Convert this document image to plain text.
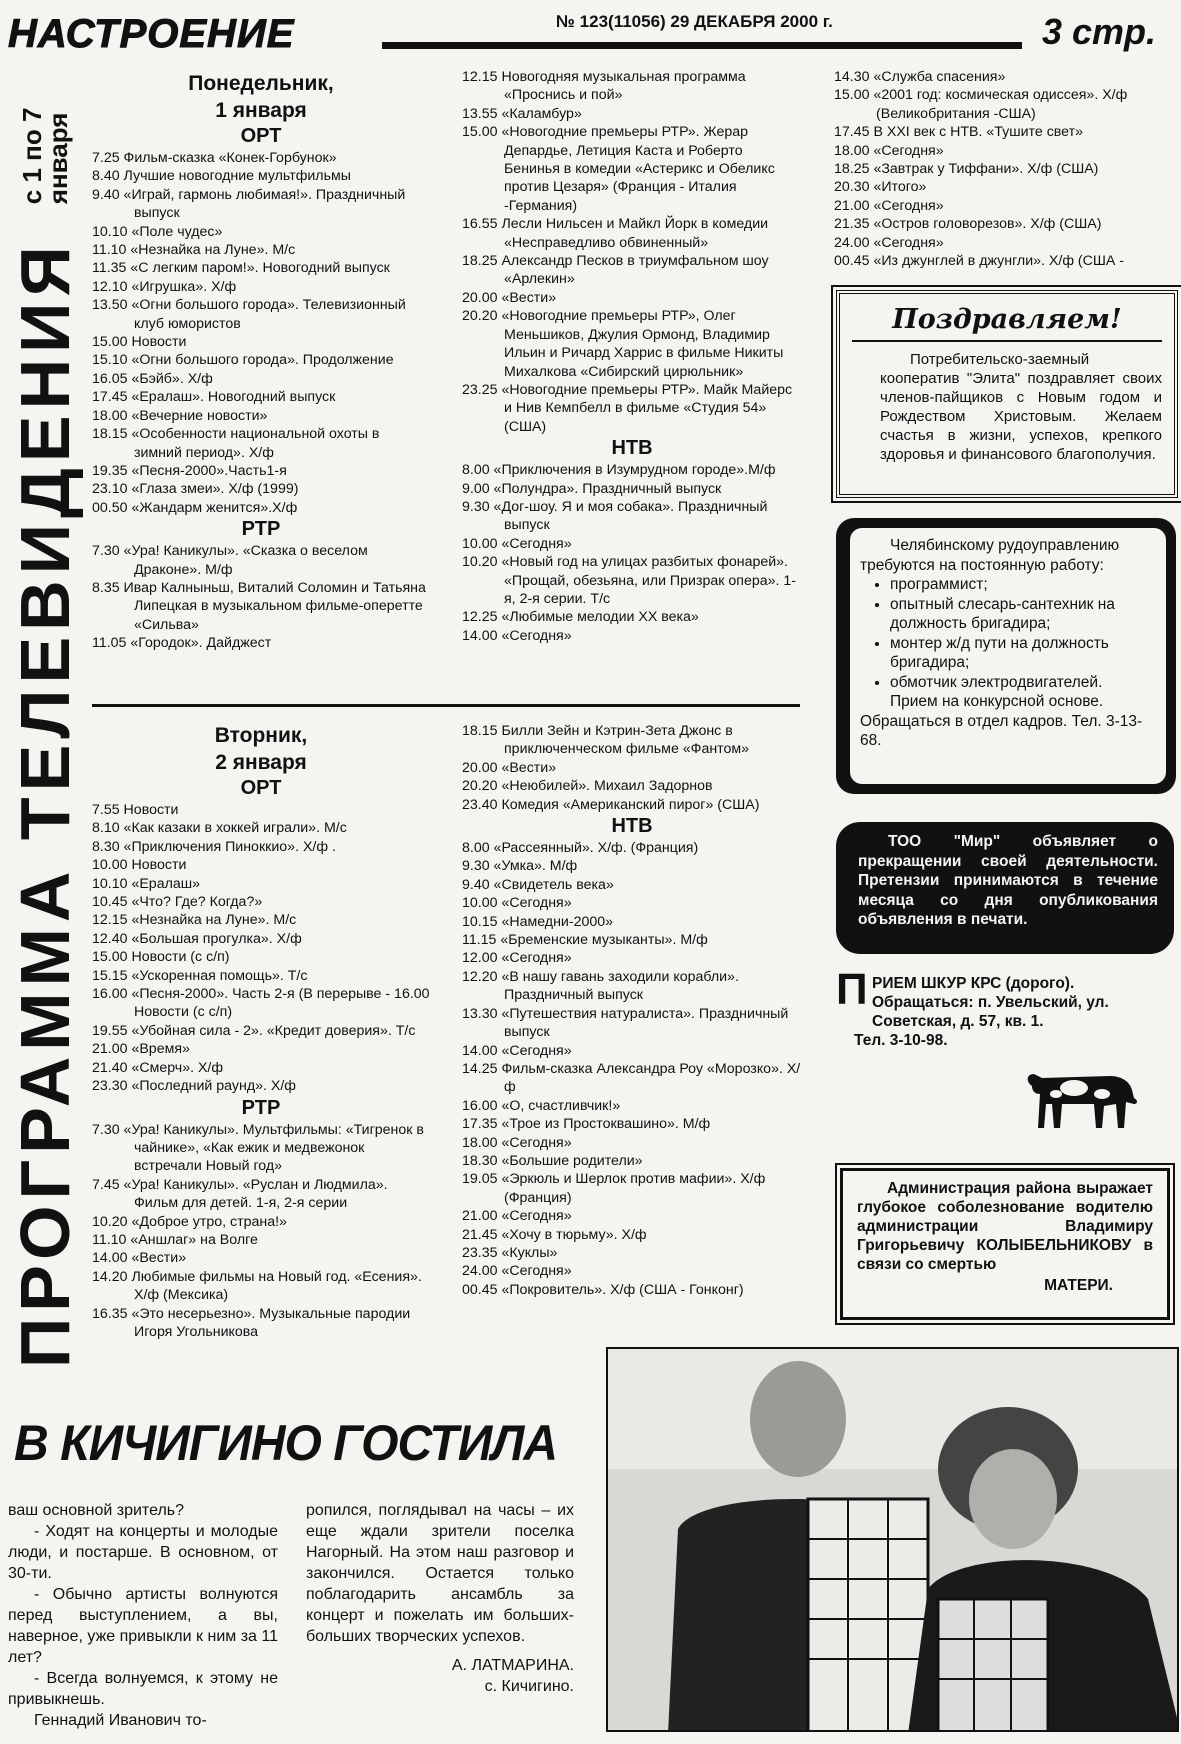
НАСТРОЕНИЕ	№ 123(11056) 29 ДЕКАБРЯ 2000 г.	3 стр.
ПРОГРАММА ТЕЛЕВИДЕНИЯ
с 1 по 7
января
Понедельник,
1 января
ОРТ
7.25 Фильм-сказка «Конек-Горбунок»
8.40 Лучшие новогодние мультфильмы
9.40 «Играй, гармонь любимая!». Праздничный выпуск
10.10 «Поле чудес»
11.10 «Незнайка на Луне». М/с
11.35 «С легким паром!». Новогодний выпуск
12.10 «Игрушка». Х/ф
13.50 «Огни большого города». Телевизионный клуб юмористов
15.00 Новости
15.10 «Огни большого города». Продолжение
16.05 «Бэйб». Х/ф
17.45 «Ералаш». Новогодний выпуск
18.00 «Вечерние новости»
18.15 «Особенности национальной охоты в зимний период». Х/ф
19.35 «Песня-2000».Часть1-я
23.10 «Глаза змеи». Х/ф (1999)
00.50 «Жандарм женится».Х/ф
РТР
7.30 «Ура! Каникулы». «Сказка о веселом Драконе». М/ф
8.35 Ивар Калныньш, Виталий Соломин и Татьяна Липецкая в музыкальном фильме-оперетте «Сильва»
11.05 «Городок». Дайджест
12.15 Новогодняя музыкальная программа «Проснись и пой»
13.55 «Каламбур»
15.00 «Новогодние премьеры РТР». Жерар Депардье, Летиция Каста и Роберто Бенинья в комедии «Астерикс и Обеликс против Цезаря» (Франция - Италия -Германия)
16.55 Лесли Нильсен и Майкл Йорк в комедии «Несправедливо обвиненный»
18.25 Александр Песков в триумфальном шоу «Арлекин»
20.00 «Вести»
20.20 «Новогодние премьеры РТР», Олег Меньшиков, Джулия Ормонд, Владимир Ильин и Ричард Харрис в фильме Никиты Михалкова «Сибирский цирюльник»
23.25 «Новогодние премьеры РТР». Майк Майерс и Нив Кемпбелл в фильме «Студия 54» (США)
НТВ
8.00 «Приключения в Изумрудном городе».М/ф
9.00 «Полундра». Праздничный выпуск
9.30 «Дог-шоу. Я и моя собака». Праздничный выпуск
10.00 «Сегодня»
10.20 «Новый год на улицах разбитых фонарей». «Прощай, обезьяна, или Призрак опера». 1-я, 2-я серии. Т/с
12.25 «Любимые мелодии XX века»
14.00 «Сегодня»
14.30 «Служба спасения»
15.00 «2001 год: космическая одиссея». Х/ф (Великобритания -США)
17.45 В XXI век с НТВ. «Тушите свет»
18.00 «Сегодня»
18.25 «Завтрак у Тиффани». Х/ф (США)
20.30 «Итого»
21.00 «Сегодня»
21.35 «Остров головорезов». Х/ф (США)
24.00 «Сегодня»
00.45 «Из джунглей в джунгли». Х/ф (США -
Вторник,
2 января
ОРТ
7.55 Новости
8.10 «Как казаки в хоккей играли». М/с
8.30 «Приключения Пиноккио». Х/ф .
10.00 Новости
10.10 «Ералаш»
10.45 «Что? Где? Когда?»
12.15 «Незнайка на Луне». М/с
12.40 «Большая прогулка». Х/ф
15.00 Новости (с с/п)
15.15 «Ускоренная помощь». Т/с
16.00 «Песня-2000». Часть 2-я (В перерыве - 16.00 Новости (с с/п)
19.55 «Убойная сила - 2». «Кредит доверия». Т/с
21.00 «Время»
21.40 «Смерч». Х/ф
23.30 «Последний раунд». Х/ф
РТР
7.30 «Ура! Каникулы». Мультфильмы: «Тигренок в чайнике», «Как ежик и медвежонок встречали Новый год»
7.45 «Ура! Каникулы». «Руслан и Людмила». Фильм для детей. 1-я, 2-я серии
10.20 «Доброе утро, страна!»
11.10 «Аншлаг» на Волге
14.00 «Вести»
14.20 Любимые фильмы на Новый год. «Есения». Х/ф (Мексика)
16.35 «Это несерьезно». Музыкальные пародии Игоря Угольникова
18.15 Билли Зейн и Кэтрин-Зета Джонс в приключенческом фильме «Фантом»
20.00 «Вести»
20.20 «Неюбилей». Михаил Задорнов
23.40 Комедия «Американский пирог» (США)
НТВ
8.00 «Рассеянный». Х/ф. (Франция)
9.30 «Умка». М/ф
9.40 «Свидетель века»
10.00 «Сегодня»
10.15 «Намедни-2000»
11.15 «Бременские музыканты». М/ф
12.00 «Сегодня»
12.20 «В нашу гавань заходили корабли». Праздничный выпуск
13.30 «Путешествия натуралиста». Праздничный выпуск
14.00 «Сегодня»
14.25 Фильм-сказка Александра Роу «Морозко». Х/ф
16.00 «О, счастливчик!»
17.35 «Трое из Простоквашино». М/ф
18.00 «Сегодня»
18.30 «Большие родители»
19.05 «Эркюль и Шерлок против мафии». Х/ф (Франция)
21.00 «Сегодня»
21.45 «Хочу в тюрьму». Х/ф
23.35 «Куклы»
24.00 «Сегодня»
00.45 «Покровитель». Х/ф (США - Гонконг)
Поздравляем!
Потребительско-заемный кооператив "Элита" поздравляет своих членов-пайщиков с Новым годом и Рождеством Христовым. Желаем счастья в жизни, успехов, крепкого здоровья и финансового благополучия.

Челябинскому рудоуправлению требуются на постоянную работу:

• программист;
• опытный слесарь-сантехник на должность бригадира;
• монтер ж/д пути на должность бригадира;
• обмотчик электродвигателей.

Прием на конкурсной основе. Обращаться в отдел кадров. Тел. 3-13-68.

ТОО "Мир" объявляет о прекращении своей деятельности. Претензии принимаются в течение месяца со дня опубликования объявления в печати.
П РИЕМ ШКУР КРС (дорого). Обращаться: п. Увельский, ул. Советская, д. 57, кв. 1.
Тел. 3-10-98.
Администрация района выражает глубокое соболезнование водителю администрации Владимиру Григорьевичу КОЛЫБЕЛЬНИКОВУ в связи со смертью
МАТЕРИ.
В КИЧИГИНО ГОСТИЛА

ваш основной зритель?

- Ходят на концерты и молодые люди, и постарше. В основном, от 30-ти.

- Обычно артисты волнуются перед выступлением, а вы, наверное, уже привыкли к ним за 11 лет?

- Всегда волнуемся, к этому не привыкнешь.

Геннадий Иванович то-

ропился, поглядывал на часы – их еще ждали зрители поселка Нагорный. На этом наш разговор и закончился. Остается только поблагодарить ансамбль за концерт и пожелать им больших-больших творческих успехов.

А. ЛАТМАРИНА.

с. Кичигино.
